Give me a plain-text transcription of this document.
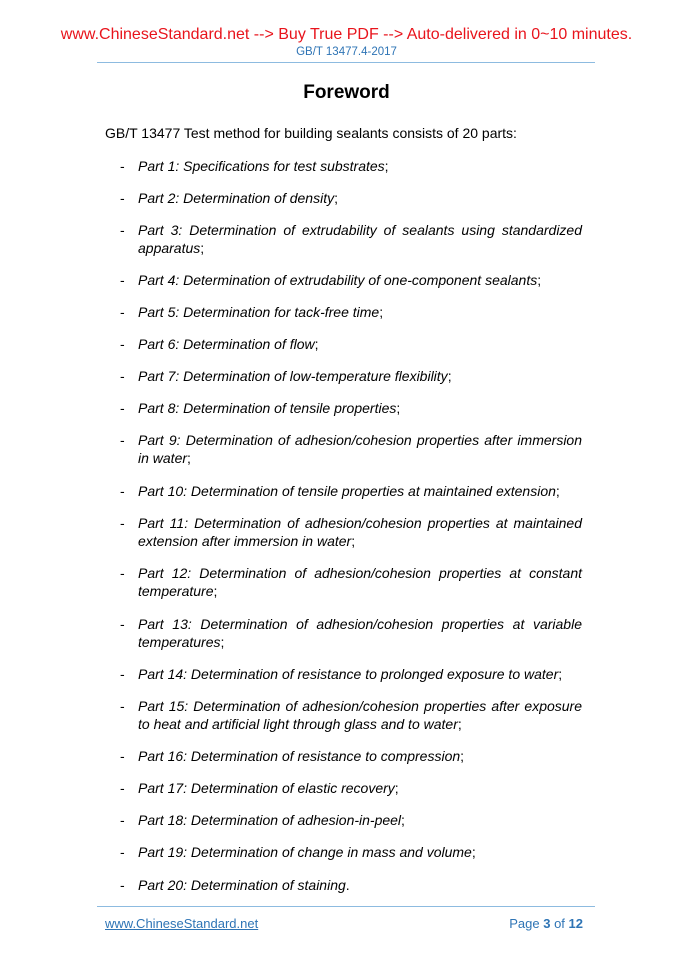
www.ChineseStandard.net --> Buy True PDF --> Auto-delivered in 0~10 minutes.
GB/T 13477.4-2017
Foreword
GB/T 13477 Test method for building sealants consists of 20 parts:
- Part 1: Specifications for test substrates;
- Part 2: Determination of density;
- Part 3: Determination of extrudability of sealants using standardized apparatus;
- Part 4: Determination of extrudability of one-component sealants;
- Part 5: Determination for tack-free time;
- Part 6: Determination of flow;
- Part 7: Determination of low-temperature flexibility;
- Part 8: Determination of tensile properties;
- Part 9: Determination of adhesion/cohesion properties after immersion in water;
- Part 10: Determination of tensile properties at maintained extension;
- Part 11: Determination of adhesion/cohesion properties at maintained extension after immersion in water;
- Part 12: Determination of adhesion/cohesion properties at constant temperature;
- Part 13: Determination of adhesion/cohesion properties at variable temperatures;
- Part 14: Determination of resistance to prolonged exposure to water;
- Part 15: Determination of adhesion/cohesion properties after exposure to heat and artificial light through glass and to water;
- Part 16: Determination of resistance to compression;
- Part 17: Determination of elastic recovery;
- Part 18: Determination of adhesion-in-peel;
- Part 19: Determination of change in mass and volume;
- Part 20: Determination of staining.
www.ChineseStandard.net	Page 3 of 12
